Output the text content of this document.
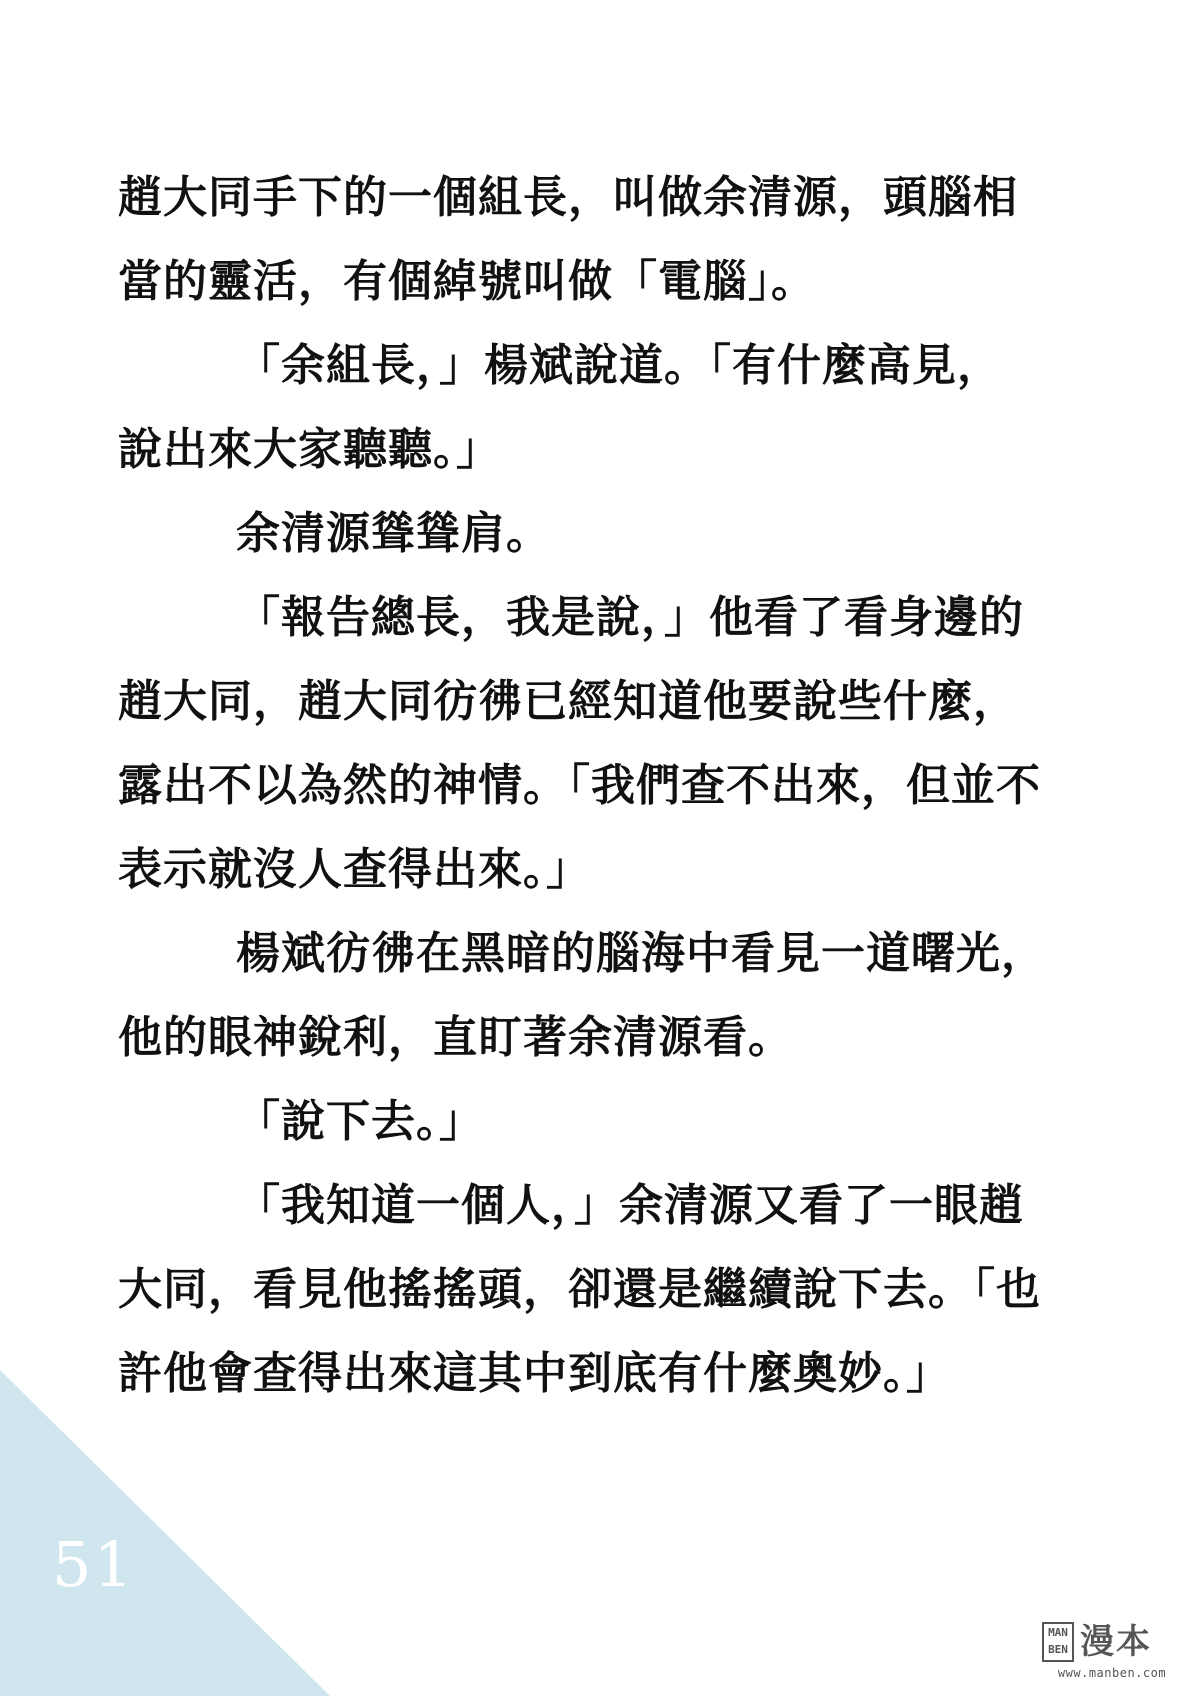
趙大同手下的一個組長，叫做余清源，頭腦相
當的靈活，有個綽號叫做「電腦」。
「余組長，」楊斌說道。「有什麼高見，
說出來大家聽聽。」
余清源聳聳肩。
「報告總長，我是說，」他看了看身邊的
趙大同，趙大同彷彿已經知道他要說些什麼，
露出不以為然的神情。「我們查不出來，但並不
表示就沒人查得出來。」
楊斌彷彿在黑暗的腦海中看見一道曙光，
他的眼神銳利，直盯著余清源看。
「說下去。」
「我知道一個人，」余清源又看了一眼趙
大同，看見他搖搖頭，卻還是繼續說下去。「也
許他會查得出來這其中到底有什麼奧妙。」
51
MAN
BEN 漫本
www.manben.com
